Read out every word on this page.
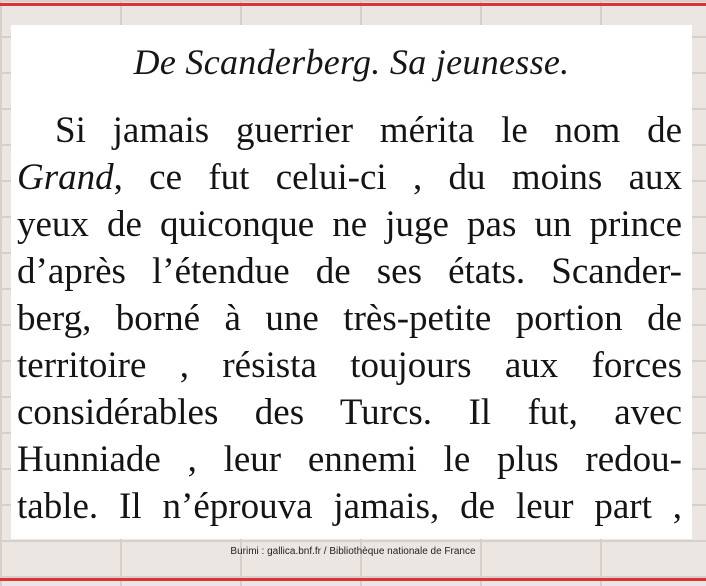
De Scanderberg. Sa jeunesse.
Si jamais guerrier mérita le nom de
Grand, ce fut celui-ci , du moins aux
yeux de quiconque ne juge pas un prince
d’après l’étendue de ses états. Scander-
berg, borné à une très-petite portion de
territoire , résista toujours aux forces
considérables des Turcs. Il fut, avec
Hunniade , leur ennemi le plus redou-
table. Il n’éprouva jamais, de leur part ,
Burimi : gallica.bnf.fr / Bibliothèque nationale de France
